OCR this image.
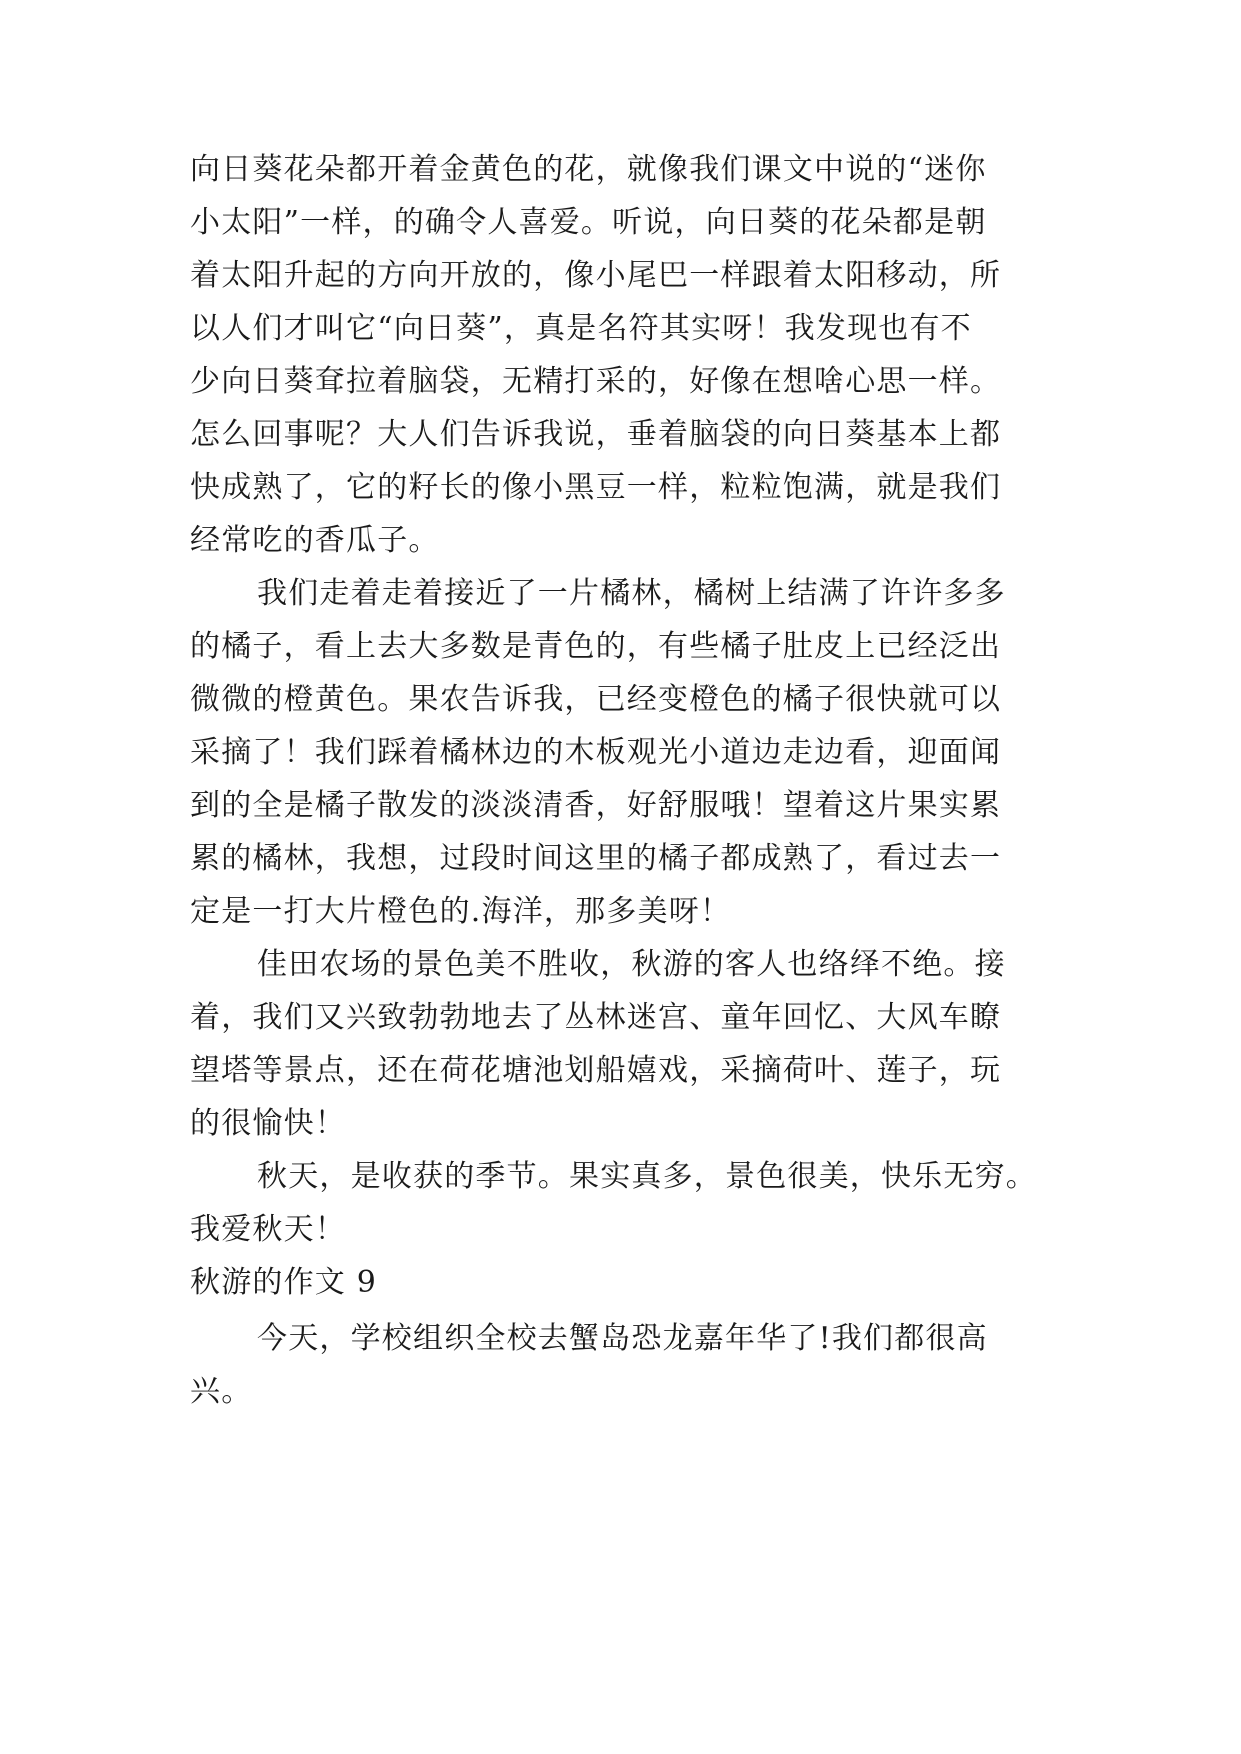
向日葵花朵都开着金黄色的花，就像我们课文中说的“迷你
小太阳”一样，的确令人喜爱。听说，向日葵的花朵都是朝
着太阳升起的方向开放的，像小尾巴一样跟着太阳移动，所
以人们才叫它“向日葵”，真是名符其实呀！我发现也有不
少向日葵耷拉着脑袋，无精打采的，好像在想啥心思一样。
怎么回事呢？大人们告诉我说，垂着脑袋的向日葵基本上都
快成熟了，它的籽长的像小黑豆一样，粒粒饱满，就是我们
经常吃的香瓜子。
我们走着走着接近了一片橘林，橘树上结满了许许多多
的橘子，看上去大多数是青色的，有些橘子肚皮上已经泛出
微微的橙黄色。果农告诉我，已经变橙色的橘子很快就可以
采摘了！我们踩着橘林边的木板观光小道边走边看，迎面闻
到的全是橘子散发的淡淡清香，好舒服哦！望着这片果实累
累的橘林，我想，过段时间这里的橘子都成熟了，看过去一
定是一打大片橙色的.海洋，那多美呀！
佳田农场的景色美不胜收，秋游的客人也络绎不绝。接
着，我们又兴致勃勃地去了丛林迷宫、童年回忆、大风车瞭
望塔等景点，还在荷花塘池划船嬉戏，采摘荷叶、莲子，玩
的很愉快！
秋天，是收获的季节。果实真多，景色很美，快乐无穷。
我爱秋天！
秋游的作文 9
今天，学校组织全校去蟹岛恐龙嘉年华了!我们都很高
兴。
